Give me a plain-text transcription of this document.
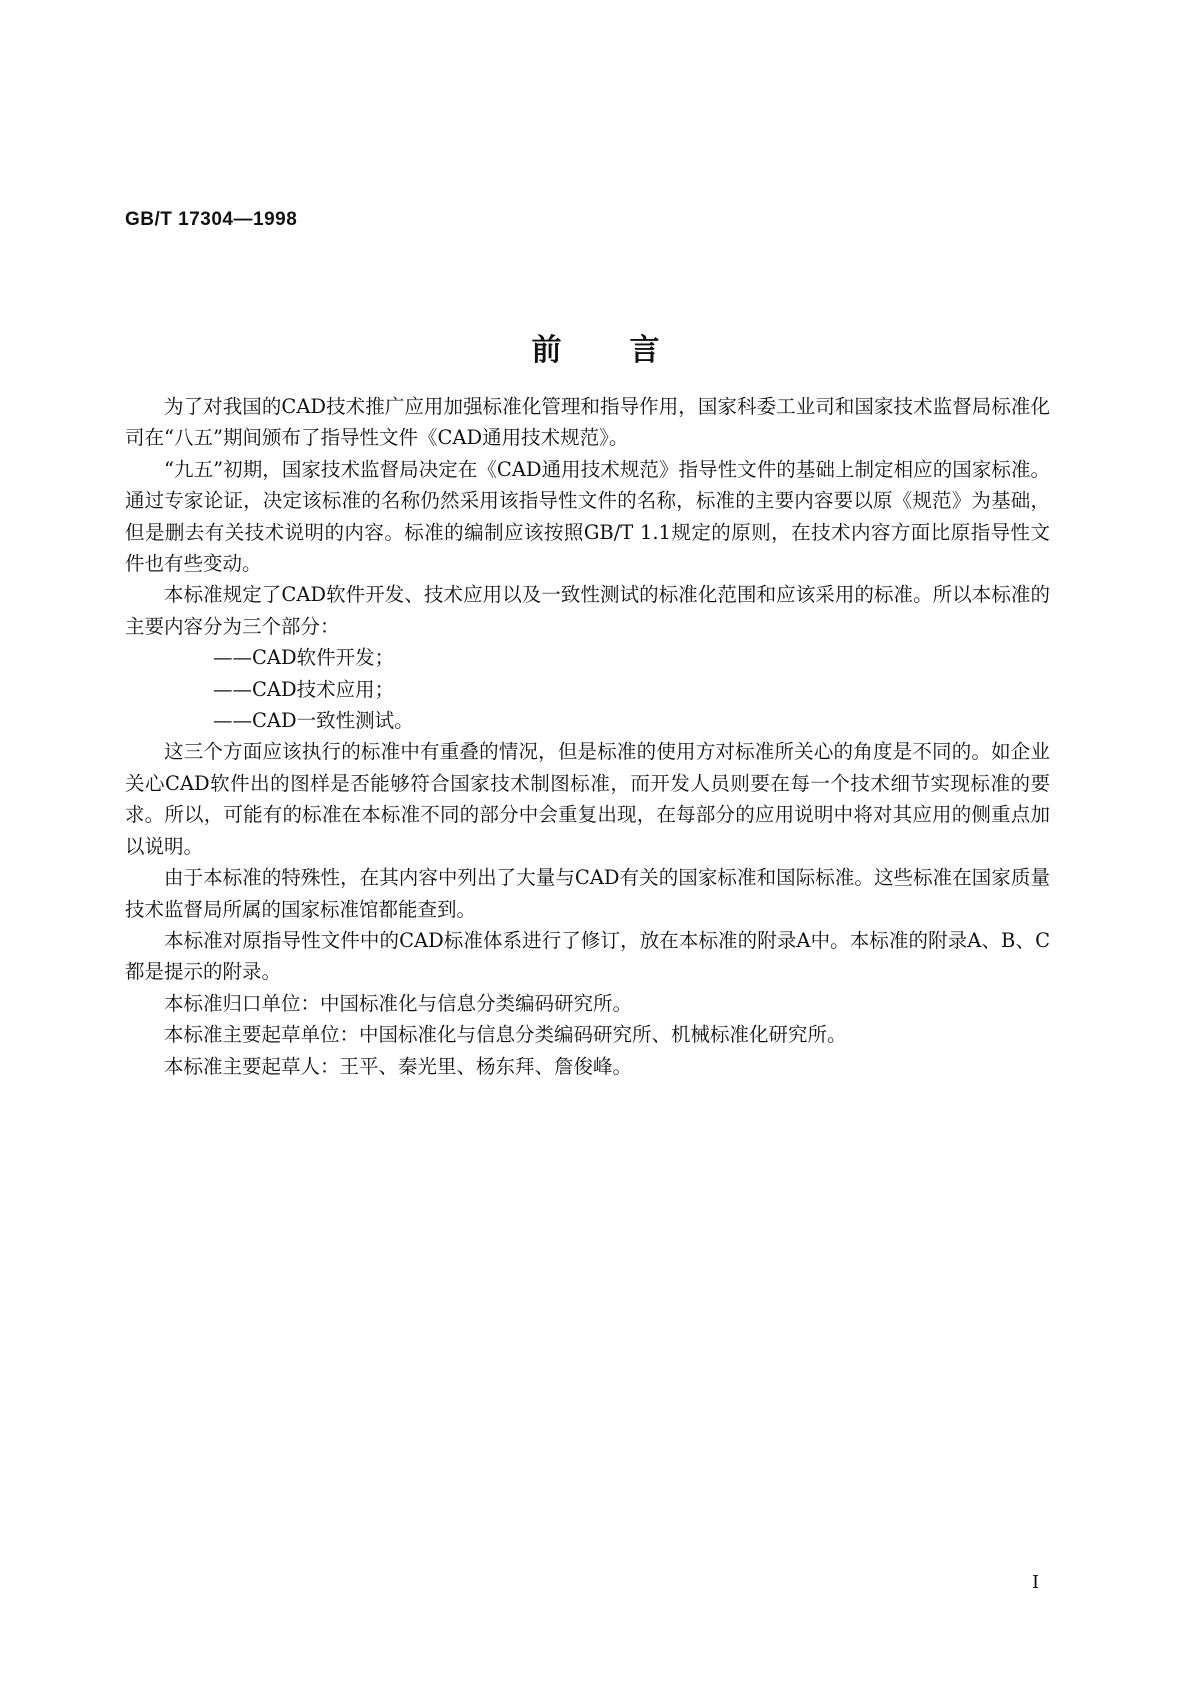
GB/T 17304—1998
前言

为了对我国的CAD技术推广应用加强标准化管理和指导作用，国家科委工业司和国家技术监督局标准化司在“八五”期间颁布了指导性文件《CAD通用技术规范》。

“九五”初期，国家技术监督局决定在《CAD通用技术规范》指导性文件的基础上制定相应的国家标准。通过专家论证，决定该标准的名称仍然采用该指导性文件的名称，标准的主要内容要以原《规范》为基础，但是删去有关技术说明的内容。标准的编制应该按照GB/T 1.1规定的原则，在技术内容方面比原指导性文件也有些变动。

本标准规定了CAD软件开发、技术应用以及一致性测试的标准化范围和应该采用的标准。所以本标准的主要内容分为三个部分：

——CAD软件开发；

——CAD技术应用；

——CAD一致性测试。

这三个方面应该执行的标准中有重叠的情况，但是标准的使用方对标准所关心的角度是不同的。如企业关心CAD软件出的图样是否能够符合国家技术制图标准，而开发人员则要在每一个技术细节实现标准的要求。所以，可能有的标准在本标准不同的部分中会重复出现，在每部分的应用说明中将对其应用的侧重点加以说明。

由于本标准的特殊性，在其内容中列出了大量与CAD有关的国家标准和国际标准。这些标准在国家质量技术监督局所属的国家标准馆都能查到。

本标准对原指导性文件中的CAD标准体系进行了修订，放在本标准的附录A中。本标准的附录A、B、C都是提示的附录。

本标准归口单位：中国标准化与信息分类编码研究所。

本标准主要起草单位：中国标准化与信息分类编码研究所、机械标准化研究所。

本标准主要起草人：王平、秦光里、杨东拜、詹俊峰。

I
